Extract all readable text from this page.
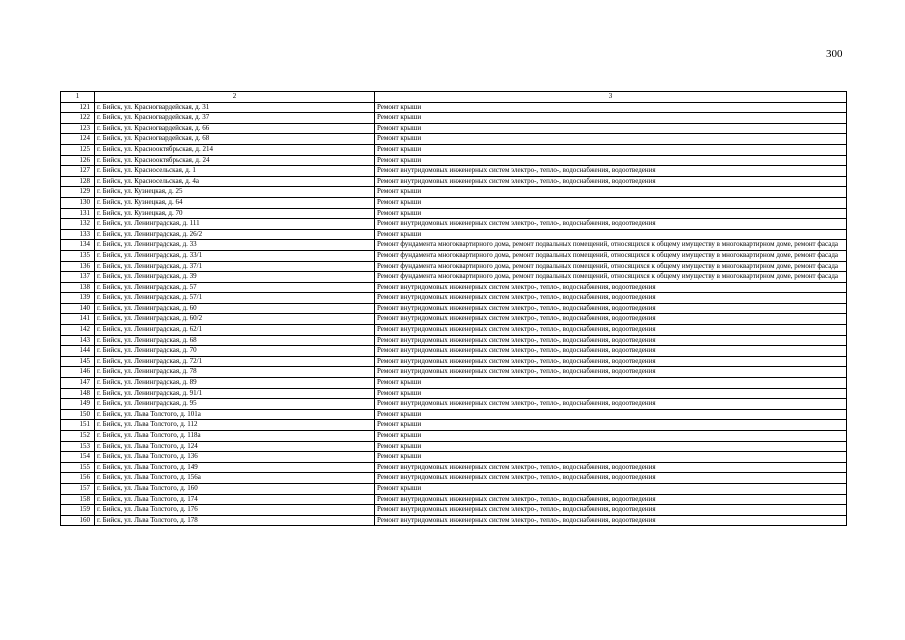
300
1	2	3
121	г. Бийск, ул. Красногвардейская, д. 31	Ремонт крыши
122	г. Бийск, ул. Красногвардейская, д. 37	Ремонт крыши
123	г. Бийск, ул. Красногвардейская, д. 66	Ремонт крыши
124	г. Бийск, ул. Красногвардейская, д. 68	Ремонт крыши
125	г. Бийск, ул. Краснооктябрьская, д. 214	Ремонт крыши
126	г. Бийск, ул. Краснооктябрьская, д. 24	Ремонт крыши
127	г. Бийск, ул. Красносельская, д. 1	Ремонт внутридомовых инженерных систем электро-, тепло-, водоснабжения, водоотведения
128	г. Бийск, ул. Красносельская, д. 4а	Ремонт внутридомовых инженерных систем электро-, тепло-, водоснабжения, водоотведения
129	г. Бийск, ул. Кузнецкая, д. 25	Ремонт крыши
130	г. Бийск, ул. Кузнецкая, д. 64	Ремонт крыши
131	г. Бийск, ул. Кузнецкая, д. 70	Ремонт крыши
132	г. Бийск, ул. Ленинградская, д. 111	Ремонт внутридомовых инженерных систем электро-, тепло-, водоснабжения, водоотведения
133	г. Бийск, ул. Ленинградская, д. 26/2	Ремонт крыши
134	г. Бийск, ул. Ленинградская, д. 33	Ремонт фундамента многоквартирного дома, ремонт подвальных помещений, относящихся к общему имуществу в многоквартирном доме, ремонт фасада
135	г. Бийск, ул. Ленинградская, д. 33/1	Ремонт фундамента многоквартирного дома, ремонт подвальных помещений, относящихся к общему имуществу в многоквартирном доме, ремонт фасада
136	г. Бийск, ул. Ленинградская, д. 37/1	Ремонт фундамента многоквартирного дома, ремонт подвальных помещений, относящихся к общему имуществу в многоквартирном доме, ремонт фасада
137	г. Бийск, ул. Ленинградская, д. 39	Ремонт фундамента многоквартирного дома, ремонт подвальных помещений, относящихся к общему имуществу в многоквартирном доме, ремонт фасада
138	г. Бийск, ул. Ленинградская, д. 57	Ремонт внутридомовых инженерных систем электро-, тепло-, водоснабжения, водоотведения
139	г. Бийск, ул. Ленинградская, д. 57/1	Ремонт внутридомовых инженерных систем электро-, тепло-, водоснабжения, водоотведения
140	г. Бийск, ул. Ленинградская, д. 60	Ремонт внутридомовых инженерных систем электро-, тепло-, водоснабжения, водоотведения
141	г. Бийск, ул. Ленинградская, д. 60/2	Ремонт внутридомовых инженерных систем электро-, тепло-, водоснабжения, водоотведения
142	г. Бийск, ул. Ленинградская, д. 62/1	Ремонт внутридомовых инженерных систем электро-, тепло-, водоснабжения, водоотведения
143	г. Бийск, ул. Ленинградская, д. 68	Ремонт внутридомовых инженерных систем электро-, тепло-, водоснабжения, водоотведения
144	г. Бийск, ул. Ленинградская, д. 70	Ремонт внутридомовых инженерных систем электро-, тепло-, водоснабжения, водоотведения
145	г. Бийск, ул. Ленинградская, д. 72/1	Ремонт внутридомовых инженерных систем электро-, тепло-, водоснабжения, водоотведения
146	г. Бийск, ул. Ленинградская, д. 78	Ремонт внутридомовых инженерных систем электро-, тепло-, водоснабжения, водоотведения
147	г. Бийск, ул. Ленинградская, д. 89	Ремонт крыши
148	г. Бийск, ул. Ленинградская, д. 91/1	Ремонт крыши
149	г. Бийск, ул. Ленинградская, д. 95	Ремонт внутридомовых инженерных систем электро-, тепло-, водоснабжения, водоотведения
150	г. Бийск, ул. Льва Толстого, д. 101а	Ремонт крыши
151	г. Бийск, ул. Льва Толстого, д. 112	Ремонт крыши
152	г. Бийск, ул. Льва Толстого, д. 118а	Ремонт крыши
153	г. Бийск, ул. Льва Толстого, д. 124	Ремонт крыши
154	г. Бийск, ул. Льва Толстого, д. 136	Ремонт крыши
155	г. Бийск, ул. Льва Толстого, д. 149	Ремонт внутридомовых инженерных систем электро-, тепло-, водоснабжения, водоотведения
156	г. Бийск, ул. Льва Толстого, д. 156а	Ремонт внутридомовых инженерных систем электро-, тепло-, водоснабжения, водоотведения
157	г. Бийск, ул. Льва Толстого, д. 160	Ремонт крыши
158	г. Бийск, ул. Льва Толстого, д. 174	Ремонт внутридомовых инженерных систем электро-, тепло-, водоснабжения, водоотведения
159	г. Бийск, ул. Льва Толстого, д. 176	Ремонт внутридомовых инженерных систем электро-, тепло-, водоснабжения, водоотведения
160	г. Бийск, ул. Льва Толстого, д. 178	Ремонт внутридомовых инженерных систем электро-, тепло-, водоснабжения, водоотведения
